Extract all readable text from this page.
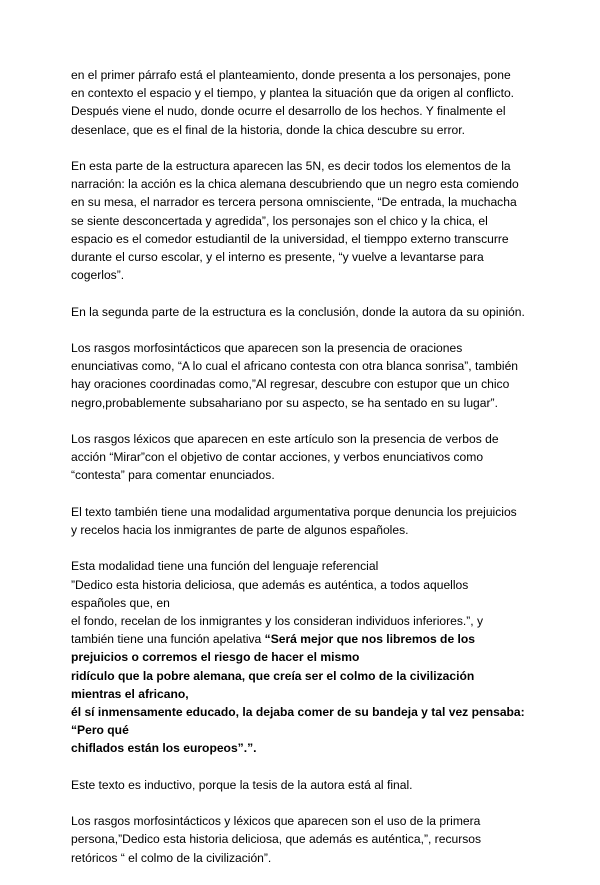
en el primer párrafo está el planteamiento, donde presenta a los personajes, pone
en contexto el espacio y el tiempo, y plantea la situación que da origen al conflicto.
Después viene el nudo, donde ocurre el desarrollo de los hechos. Y finalmente el
desenlace, que es el final de la historia, donde la chica descubre su error.

En esta parte de la estructura aparecen las 5N, es decir todos los elementos de la
narración: la acción es la chica alemana descubriendo que un negro esta comiendo
en su mesa, el narrador es tercera persona omnisciente, “De entrada, la muchacha
se siente desconcertada y agredida”, los personajes son el chico y la chica, el
espacio es el comedor estudiantil de la universidad, el tiemppo externo transcurre
durante el curso escolar, y el interno es presente, “y vuelve a levantarse para
cogerlos”.

En la segunda parte de la estructura es la conclusión, donde la autora da su opinión.

Los rasgos morfosintácticos que aparecen son la presencia de oraciones
enunciativas como, “A lo cual el africano contesta con otra blanca sonrisa”, también
hay oraciones coordinadas como,”Al regresar, descubre con estupor que un chico
negro,probablemente subsahariano por su aspecto, se ha sentado en su lugar”.

Los rasgos léxicos que aparecen en este artículo son la presencia de verbos de
acción “Mirar”con el objetivo de contar acciones, y verbos enunciativos como
“contesta” para comentar enunciados.

El texto también tiene una modalidad argumentativa porque denuncia los prejuicios
y recelos hacia los inmigrantes de parte de algunos españoles.

Esta modalidad tiene una función del lenguaje referencial
”Dedico esta historia deliciosa, que además es auténtica, a todos aquellos
españoles que, en
el fondo, recelan de los inmigrantes y los consideran individuos inferiores.”, y
también tiene una función apelativa “Será mejor que nos libremos de los
prejuicios o corremos el riesgo de hacer el mismo
ridículo que la pobre alemana, que creía ser el colmo de la civilización
mientras el africano,
él sí inmensamente educado, la dejaba comer de su bandeja y tal vez pensaba:
“Pero qué
chiflados están los europeos”.”.

Este texto es inductivo, porque la tesis de la autora está al final.

Los rasgos morfosintácticos y léxicos que aparecen son el uso de la primera
persona,”Dedico esta historia deliciosa, que además es auténtica,”, recursos
retóricos “ el colmo de la civilización”.
